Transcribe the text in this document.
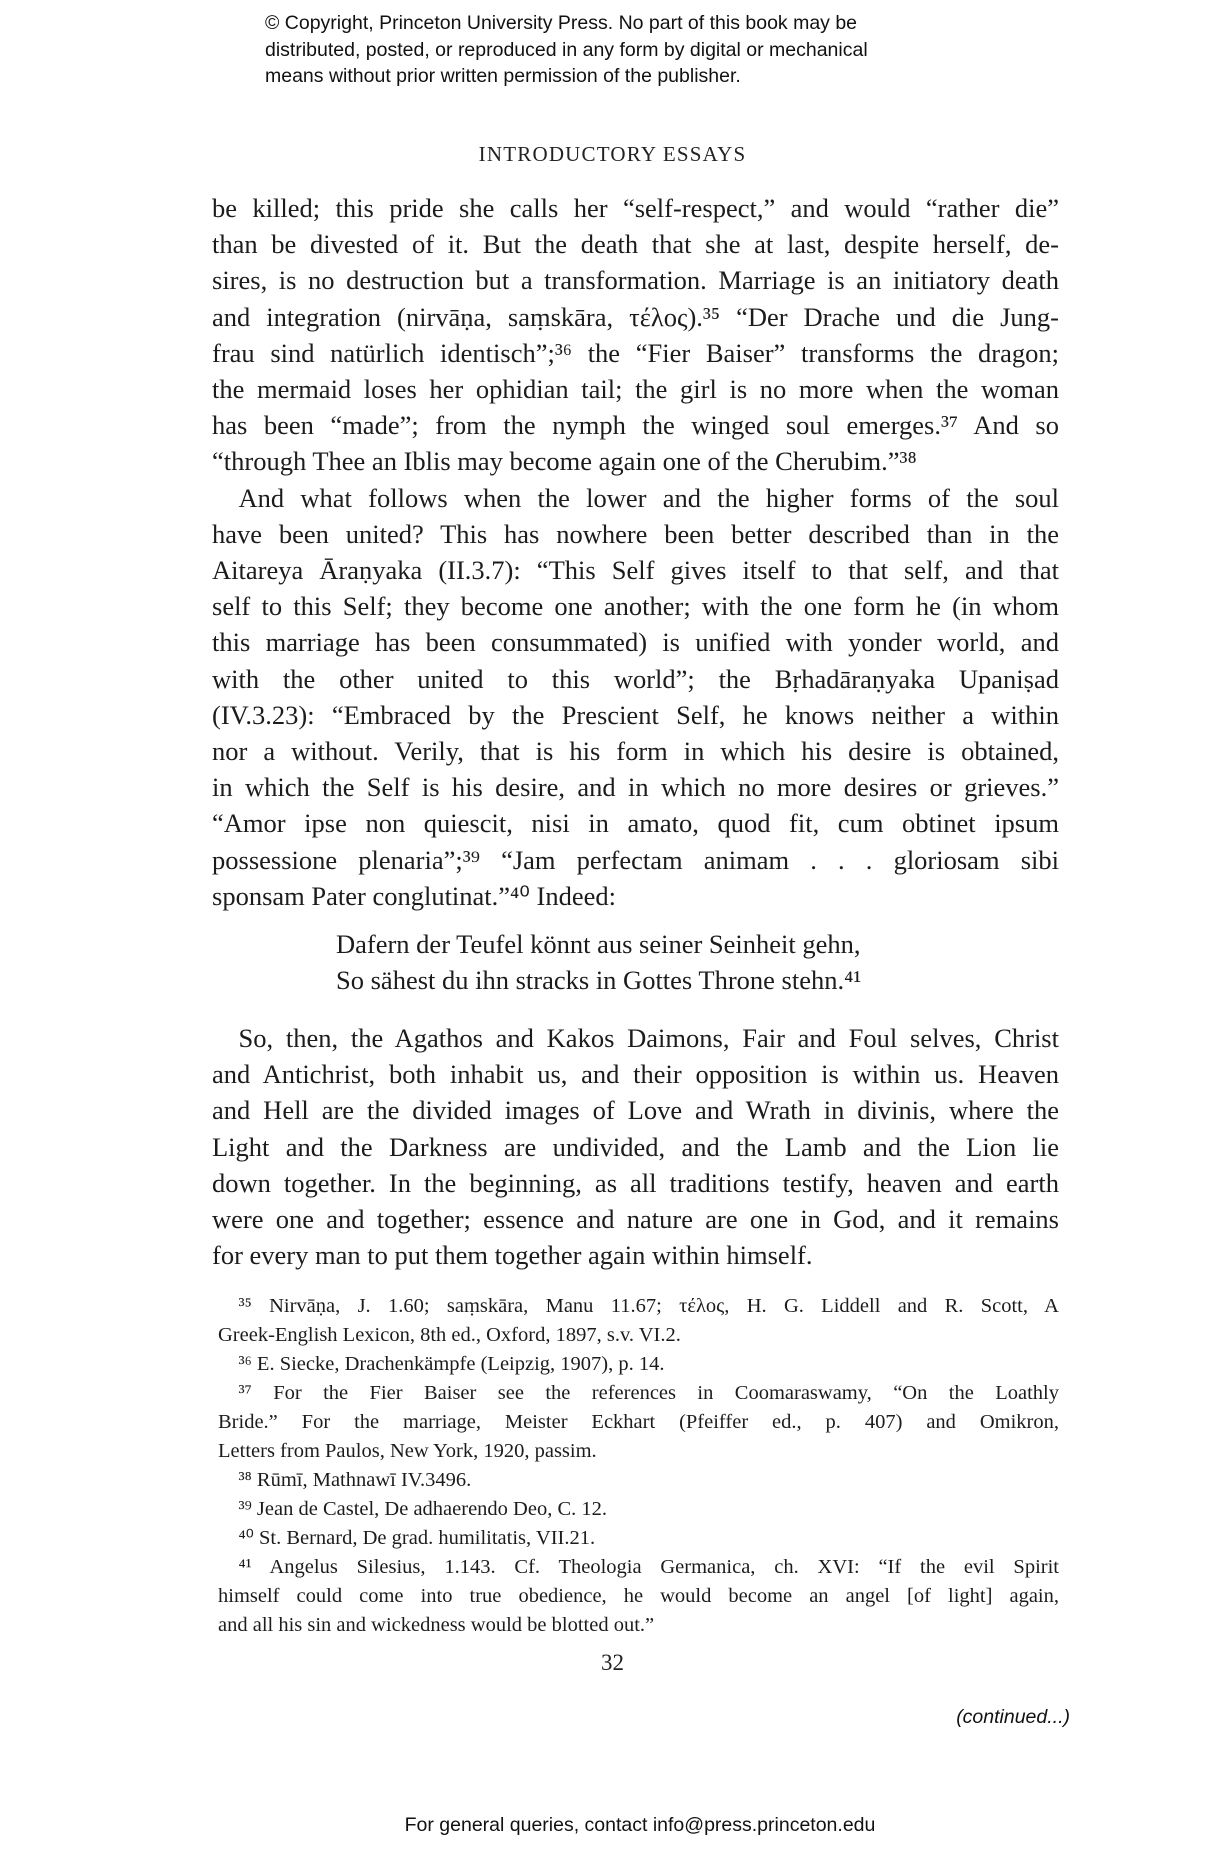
© Copyright, Princeton University Press. No part of this book may be
distributed, posted, or reproduced in any form by digital or mechanical
means without prior written permission of the publisher.
INTRODUCTORY ESSAYS
be killed; this pride she calls her “self-respect,” and would “rather die”
than be divested of it. But the death that she at last, despite herself, de-
sires, is no destruction but a transformation. Marriage is an initiatory death
and integration (nirvāṇa, saṃskāra, τέλος).³⁵ “Der Drache und die Jung-
frau sind natürlich identisch”;³⁶ the “Fier Baiser” transforms the dragon;
the mermaid loses her ophidian tail; the girl is no more when the woman
has been “made”; from the nymph the winged soul emerges.³⁷ And so
“through Thee an Iblis may become again one of the Cherubim.”³⁸
 And what follows when the lower and the higher forms of the soul
have been united? This has nowhere been better described than in the
Aitareya Āraṇyaka (II.3.7): “This Self gives itself to that self, and that
self to this Self; they become one another; with the one form he (in whom
this marriage has been consummated) is unified with yonder world, and
with the other united to this world”; the Bṛhadāraṇyaka Upaniṣad
(IV.3.23): “Embraced by the Prescient Self, he knows neither a within
nor a without. Verily, that is his form in which his desire is obtained,
in which the Self is his desire, and in which no more desires or grieves.”
“Amor ipse non quiescit, nisi in amato, quod fit, cum obtinet ipsum
possessione plenaria”;³⁹ “Jam perfectam animam . . . gloriosam sibi
sponsam Pater conglutinat.”⁴⁰ Indeed:
Dafern der Teufel könnt aus seiner Seinheit gehn,
So sähest du ihn stracks in Gottes Throne stehn.⁴¹
 So, then, the Agathos and Kakos Daimons, Fair and Foul selves, Christ
and Antichrist, both inhabit us, and their opposition is within us. Heaven
and Hell are the divided images of Love and Wrath in divinis, where the
Light and the Darkness are undivided, and the Lamb and the Lion lie
down together. In the beginning, as all traditions testify, heaven and earth
were one and together; essence and nature are one in God, and it remains
for every man to put them together again within himself.
 ³⁵ Nirvāṇa, J. 1.60; saṃskāra, Manu 11.67; τέλος, H. G. Liddell and R. Scott, A
Greek-English Lexicon, 8th ed., Oxford, 1897, s.v. VI.2.
 ³⁶ E. Siecke, Drachenkämpfe (Leipzig, 1907), p. 14.
 ³⁷ For the Fier Baiser see the references in Coomaraswamy, “On the Loathly
Bride.” For the marriage, Meister Eckhart (Pfeiffer ed., p. 407) and Omikron,
Letters from Paulos, New York, 1920, passim.
 ³⁸ Rūmī, Mathnawī IV.3496.
 ³⁹ Jean de Castel, De adhaerendo Deo, C. 12.
 ⁴⁰ St. Bernard, De grad. humilitatis, VII.21.
 ⁴¹ Angelus Silesius, 1.143. Cf. Theologia Germanica, ch. XVI: “If the evil Spirit
himself could come into true obedience, he would become an angel [of light] again,
and all his sin and wickedness would be blotted out.”
32
(continued...)
For general queries, contact info@press.princeton.edu
